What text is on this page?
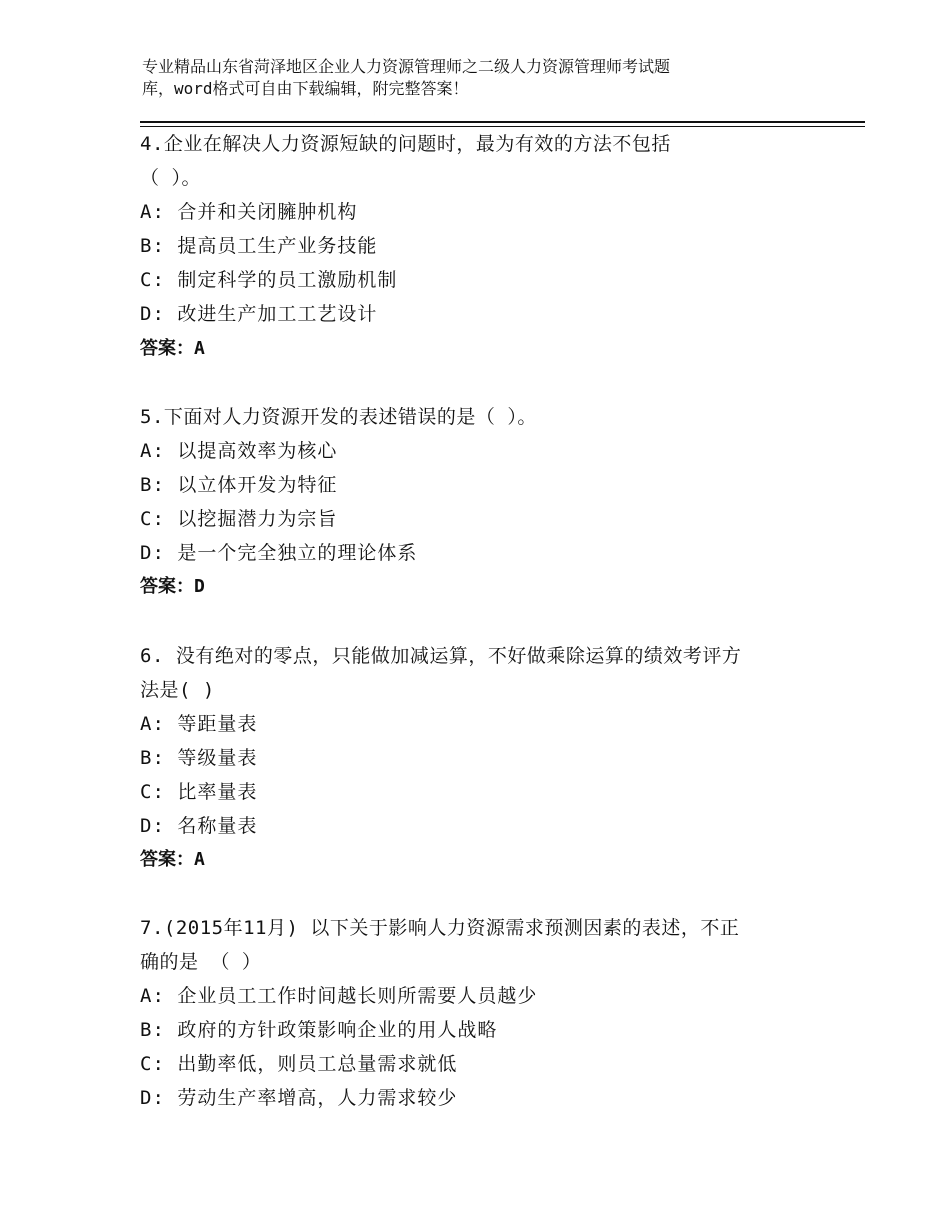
专业精品山东省菏泽地区企业人力资源管理师之二级人力资源管理师考试题
库，word格式可自由下载编辑，附完整答案！
4.企业在解决人力资源短缺的问题时，最为有效的方法不包括
（ ）。
A: 合并和关闭臃肿机构
B: 提高员工生产业务技能
C: 制定科学的员工激励机制
D: 改进生产加工工艺设计
答案：A
5.下面对人力资源开发的表述错误的是（ ）。
A: 以提高效率为核心
B: 以立体开发为特征
C: 以挖掘潜力为宗旨
D: 是一个完全独立的理论体系
答案：D
6. 没有绝对的零点，只能做加减运算，不好做乘除运算的绩效考评方
法是( )
A: 等距量表
B: 等级量表
C: 比率量表
D: 名称量表
答案：A
7.(2015年11月) 以下关于影响人力资源需求预测因素的表述，不正
确的是 （ ）
A: 企业员工工作时间越长则所需要人员越少
B: 政府的方针政策影响企业的用人战略
C: 出勤率低，则员工总量需求就低
D: 劳动生产率增高，人力需求较少
